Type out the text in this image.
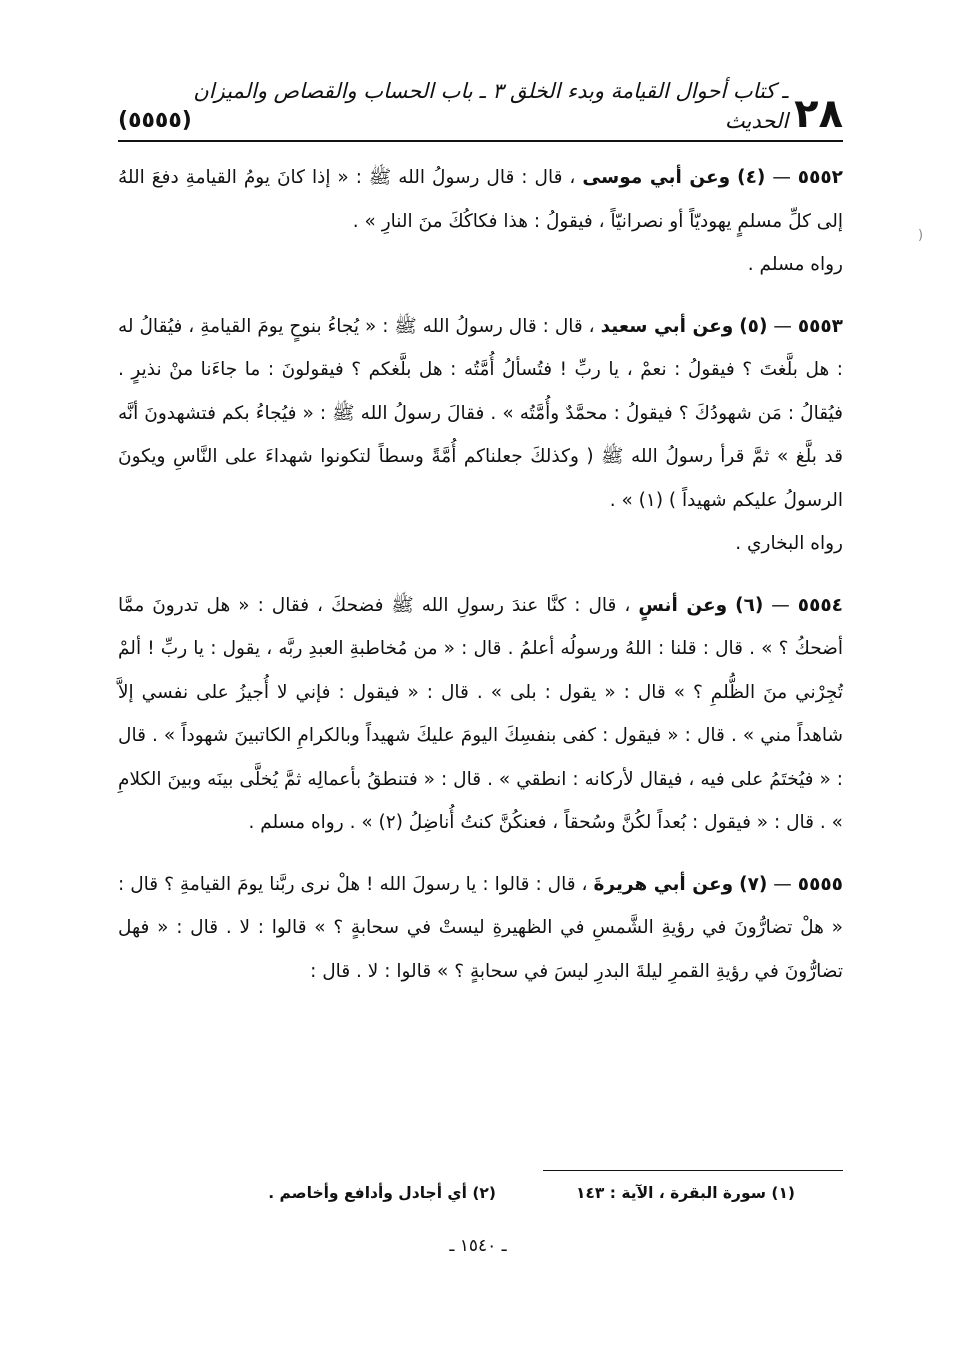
)
٢٨
ـ كتاب أحوال القيامة وبدء الخلق ٣ ـ باب الحساب والقصاص والميزان الحديث
(٥٥٥٥)

٥٥٥٢ — (٤) وعن أبي موسى ، قال : قال رسولُ الله ﷺ : « إذا كانَ يومُ القيامةِ دفعَ اللهُ إلى كلِّ مسلمٍ يهوديّاً أو نصرانيّاً ، فيقولُ : هذا فكاكُكَ منَ النارِ » .
رواه مسلم .

٥٥٥٣ — (٥) وعن أبي سعيد ، قال : قال رسولُ الله ﷺ : « يُجاءُ بنوحٍ يومَ القيامةِ ، فيُقالُ له : هل بلَّغتَ ؟ فيقولُ : نعمْ ، يا ربِّ ! فتُسألُ أُمَّتُه : هل بلَّغكم ؟ فيقولونَ : ما جاءَنا منْ نذيرٍ . فيُقالُ : مَن شهودُكَ ؟ فيقولُ : محمَّدٌ وأُمَّتُه » . فقالَ رسولُ الله ﷺ : « فيُجاءُ بكم فتشهدونَ أنَّه قد بلَّغ » ثمَّ قرأ رسولُ الله ﷺ ( وكذلكَ جعلناكم أُمَّةً وسطاً لتكونوا شهداءَ على النَّاسِ ويكونَ الرسولُ عليكم شهيداً ) (١) » .
رواه البخاري .

٥٥٥٤ — (٦) وعن أنسٍ ، قال : كنَّا عندَ رسولِ الله ﷺ فضحكَ ، فقال : « هل تدرونَ ممَّا أضحكُ ؟ » . قال : قلنا : اللهُ ورسولُه أعلمُ . قال : « من مُخاطبةِ العبدِ ربَّه ، يقول : يا ربِّ ! ألمْ تُجِرْني منَ الظُّلمِ ؟ » قال : « يقول : بلى » . قال : « فيقول : فإني لا أُجيزُ على نفسي إلاَّ شاهداً مني » . قال : « فيقول : كفى بنفسِكَ اليومَ عليكَ شهيداً وبالكرامِ الكاتبينَ شهوداً » . قال : « فيُختَمُ على فيه ، فيقال لأركانه : انطقي » . قال : « فتنطقُ بأعمالِه ثمَّ يُخلَّى بينَه وبينَ الكلامِ » . قال : « فيقول : بُعداً لكُنَّ وسُحقاً ، فعنكُنَّ كنتُ أُناضِلُ (٢) » . رواه مسلم .

٥٥٥٥ — (٧) وعن أبي هريرةَ ، قال : قالوا : يا رسولَ الله ! هلْ نرى ربَّنا يومَ القيامةِ ؟ قال : « هلْ تضارُّونَ في رؤيةِ الشَّمسِ في الظهيرةِ ليستْ في سحابةٍ ؟ » قالوا : لا . قال : « فهل تضارُّونَ في رؤيةِ القمرِ ليلةَ البدرِ ليسَ في سحابةٍ ؟ » قالوا : لا . قال :

(١) سورة البقرة ، الآية : ١٤٣
(٢) أي أجادل وأدافع وأخاصم .
ـ ١٥٤٠ ـ
